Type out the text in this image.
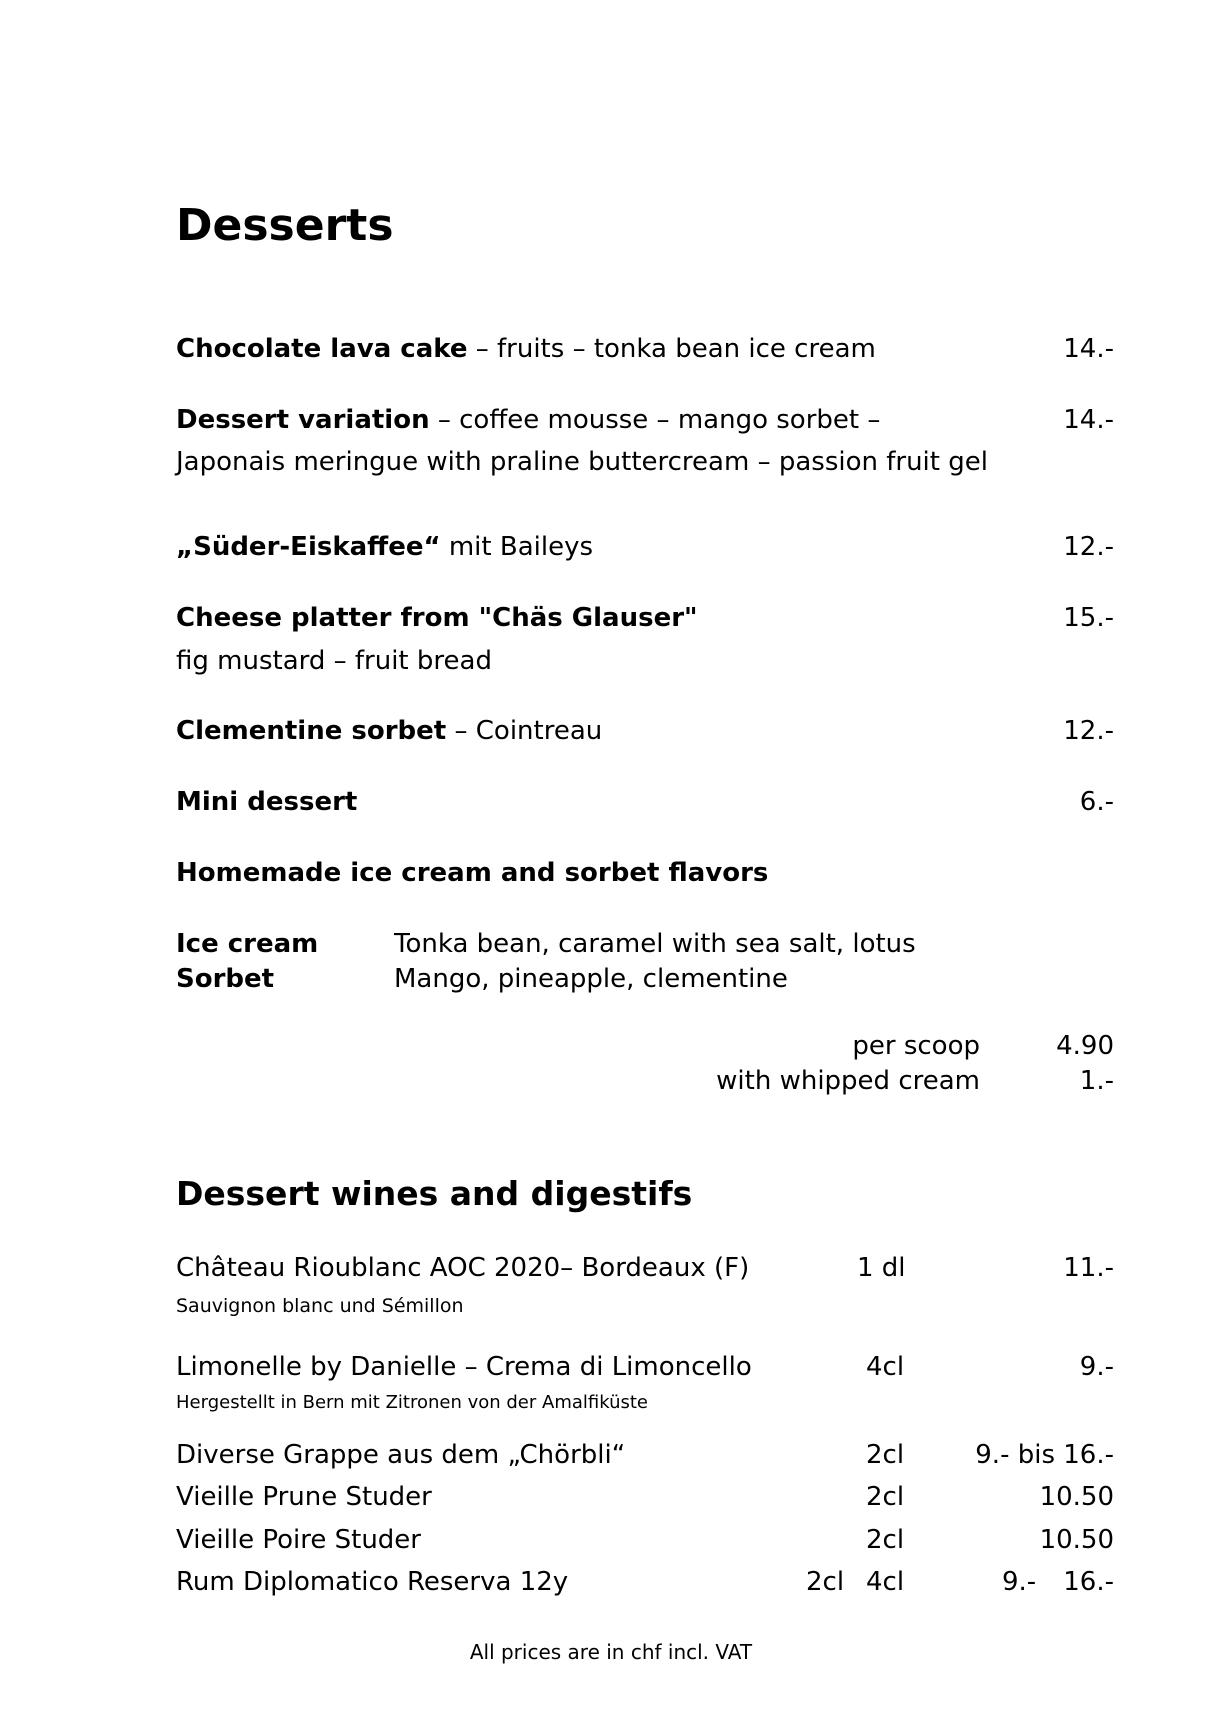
Desserts
Chocolate lava cake – fruits – tonka bean ice cream	14.-
Dessert variation – coffee mousse – mango sorbet –	14.-
Japonais meringue with praline buttercream – passion fruit gel
„Süder-Eiskaffee“ mit Baileys	12.-
Cheese platter from "Chäs Glauser"	15.-
fig mustard – fruit bread
Clementine sorbet – Cointreau	12.-
Mini dessert	6.-
Homemade ice cream and sorbet flavors
Ice cream	Tonka bean, caramel with sea salt, lotus
Sorbet	Mango, pineapple, clementine
per scoop	4.90
with whipped cream	1.-
Dessert wines and digestifs
Château Rioublanc AOC 2020– Bordeaux (F)	1 dl	11.-
Sauvignon blanc und Sémillon
Limonelle by Danielle – Crema di Limoncello	4cl	9.-
Hergestellt in Bern mit Zitronen von der Amalfiküste
Diverse Grappe aus dem „Chörbli“	2cl	9.- bis 16.-
Vieille Prune Studer	2cl	10.50
Vieille Poire Studer	2cl	10.50
Rum Diplomatico Reserva 12y	2cl 4cl	9.- 16.-
All prices are in chf incl. VAT
